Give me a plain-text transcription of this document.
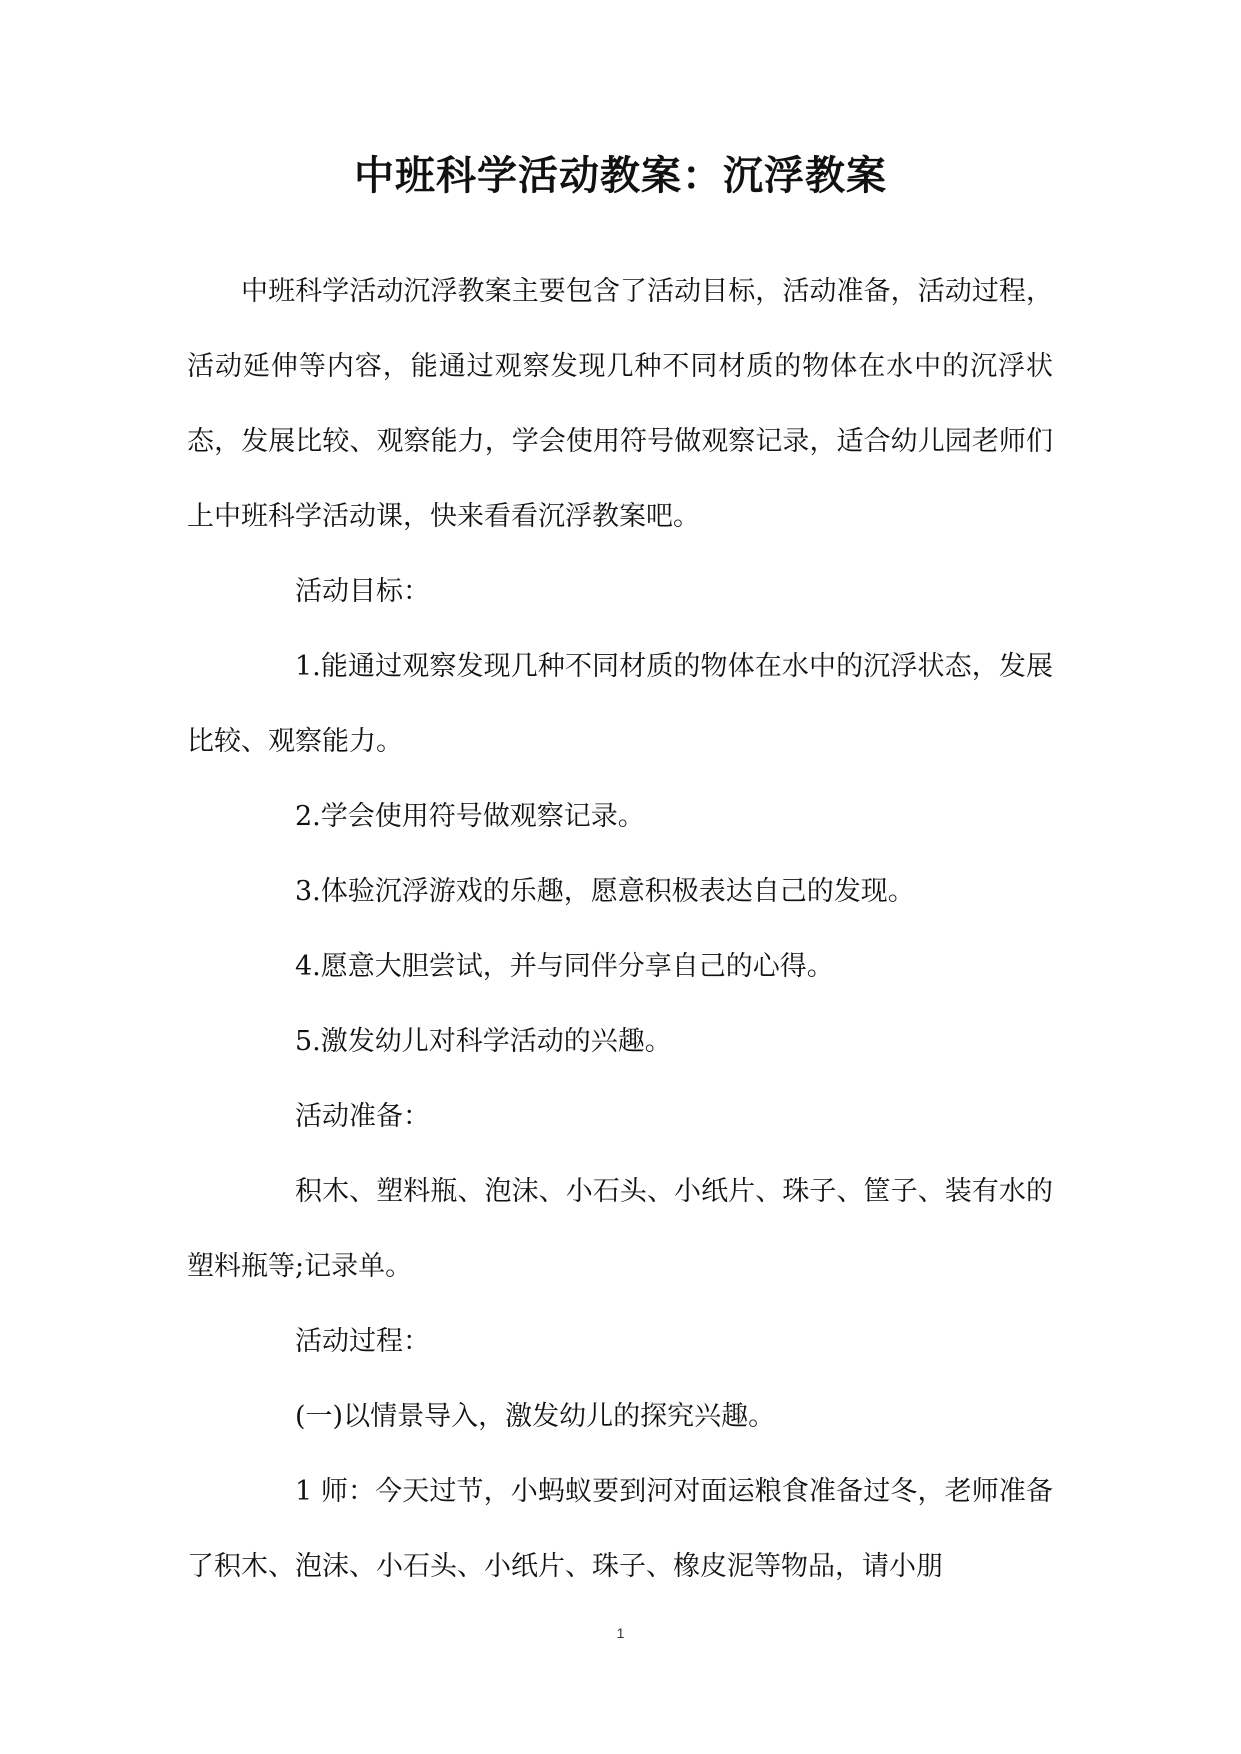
中班科学活动教案：沉浮教案

中班科学活动沉浮教案主要包含了活动目标，活动准备，活动过程，活动延伸等内容，能通过观察发现几种不同材质的物体在水中的沉浮状态，发展比较、观察能力，学会使用符号做观察记录，适合幼儿园老师们上中班科学活动课，快来看看沉浮教案吧。

活动目标：

1.能通过观察发现几种不同材质的物体在水中的沉浮状态，发展比较、观察能力。

2.学会使用符号做观察记录。

3.体验沉浮游戏的乐趣，愿意积极表达自己的发现。

4.愿意大胆尝试，并与同伴分享自己的心得。

5.激发幼儿对科学活动的兴趣。

活动准备：

积木、塑料瓶、泡沫、小石头、小纸片、珠子、筐子、装有水的塑料瓶等;记录单。

活动过程：

(一)以情景导入，激发幼儿的探究兴趣。

1 师：今天过节，小蚂蚁要到河对面运粮食准备过冬，老师准备了积木、泡沫、小石头、小纸片、珠子、橡皮泥等物品，请小朋

1
